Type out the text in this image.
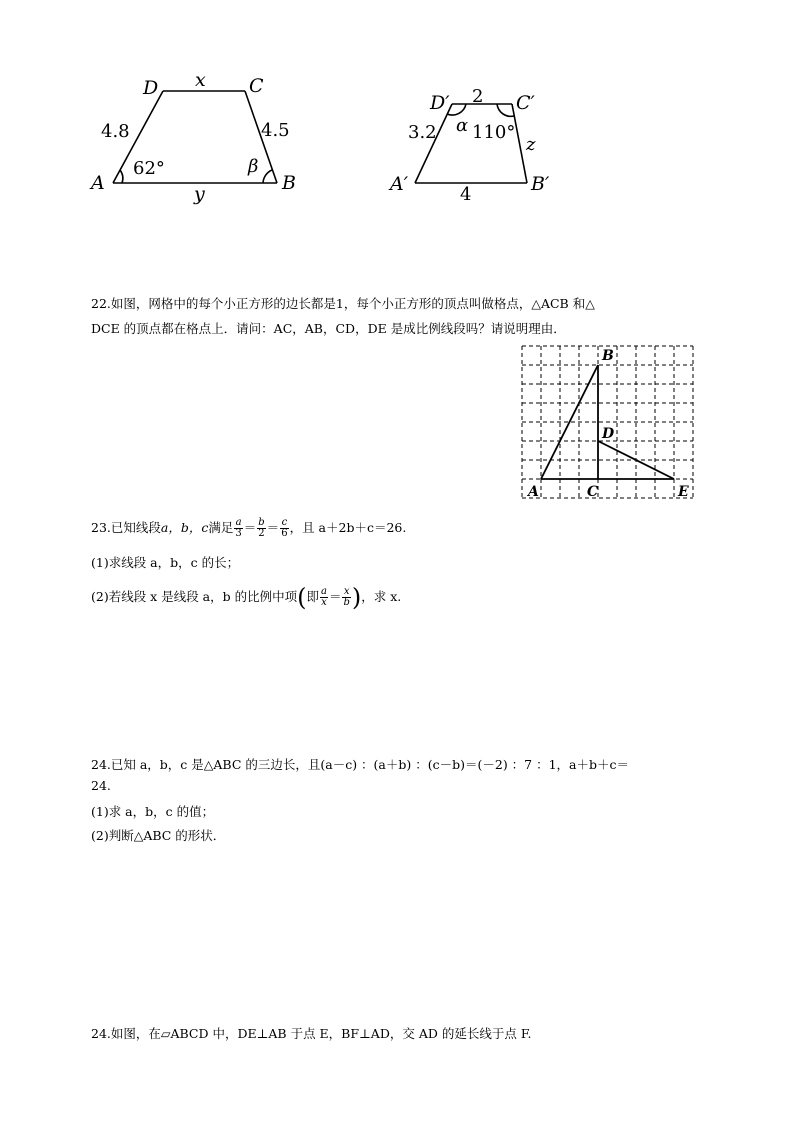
D x C
4.8	4.5
62°	β
A	y	B
D′ 2 C′
3.2 α 110°
z
A′	4	B′
22.如图，网格中的每个小正方形的边长都是1，每个小正方形的顶点叫做格点，△ACB 和△
DCE 的顶点都在格点上．请问：AC，AB，CD，DE 是成比例线段吗？请说明理由．
B
D
A	C	E
23.已知线段a，b，c满足 $\frac{a}{3} = \frac{b}{2} = \frac{c}{6}$ ，且 a＋2b＋c＝26.
(1)求线段 a，b，c 的长；
(2)若线段 x 是线段 a，b 的比例中项(即 $\frac{a}{x} = \frac{x}{b}$ )，求 x.
24.已知 a，b，c 是△ABC 的三边长，且(a－c) ：(a＋b) ：(c－b)＝(－2) ：7 ：1，a＋b＋c＝
24.
(1)求 a，b，c 的值；
(2)判断△ABC 的形状．
24.如图，在▱ABCD 中，DE⊥AB 于点 E，BF⊥AD，交 AD 的延长线于点 F.
